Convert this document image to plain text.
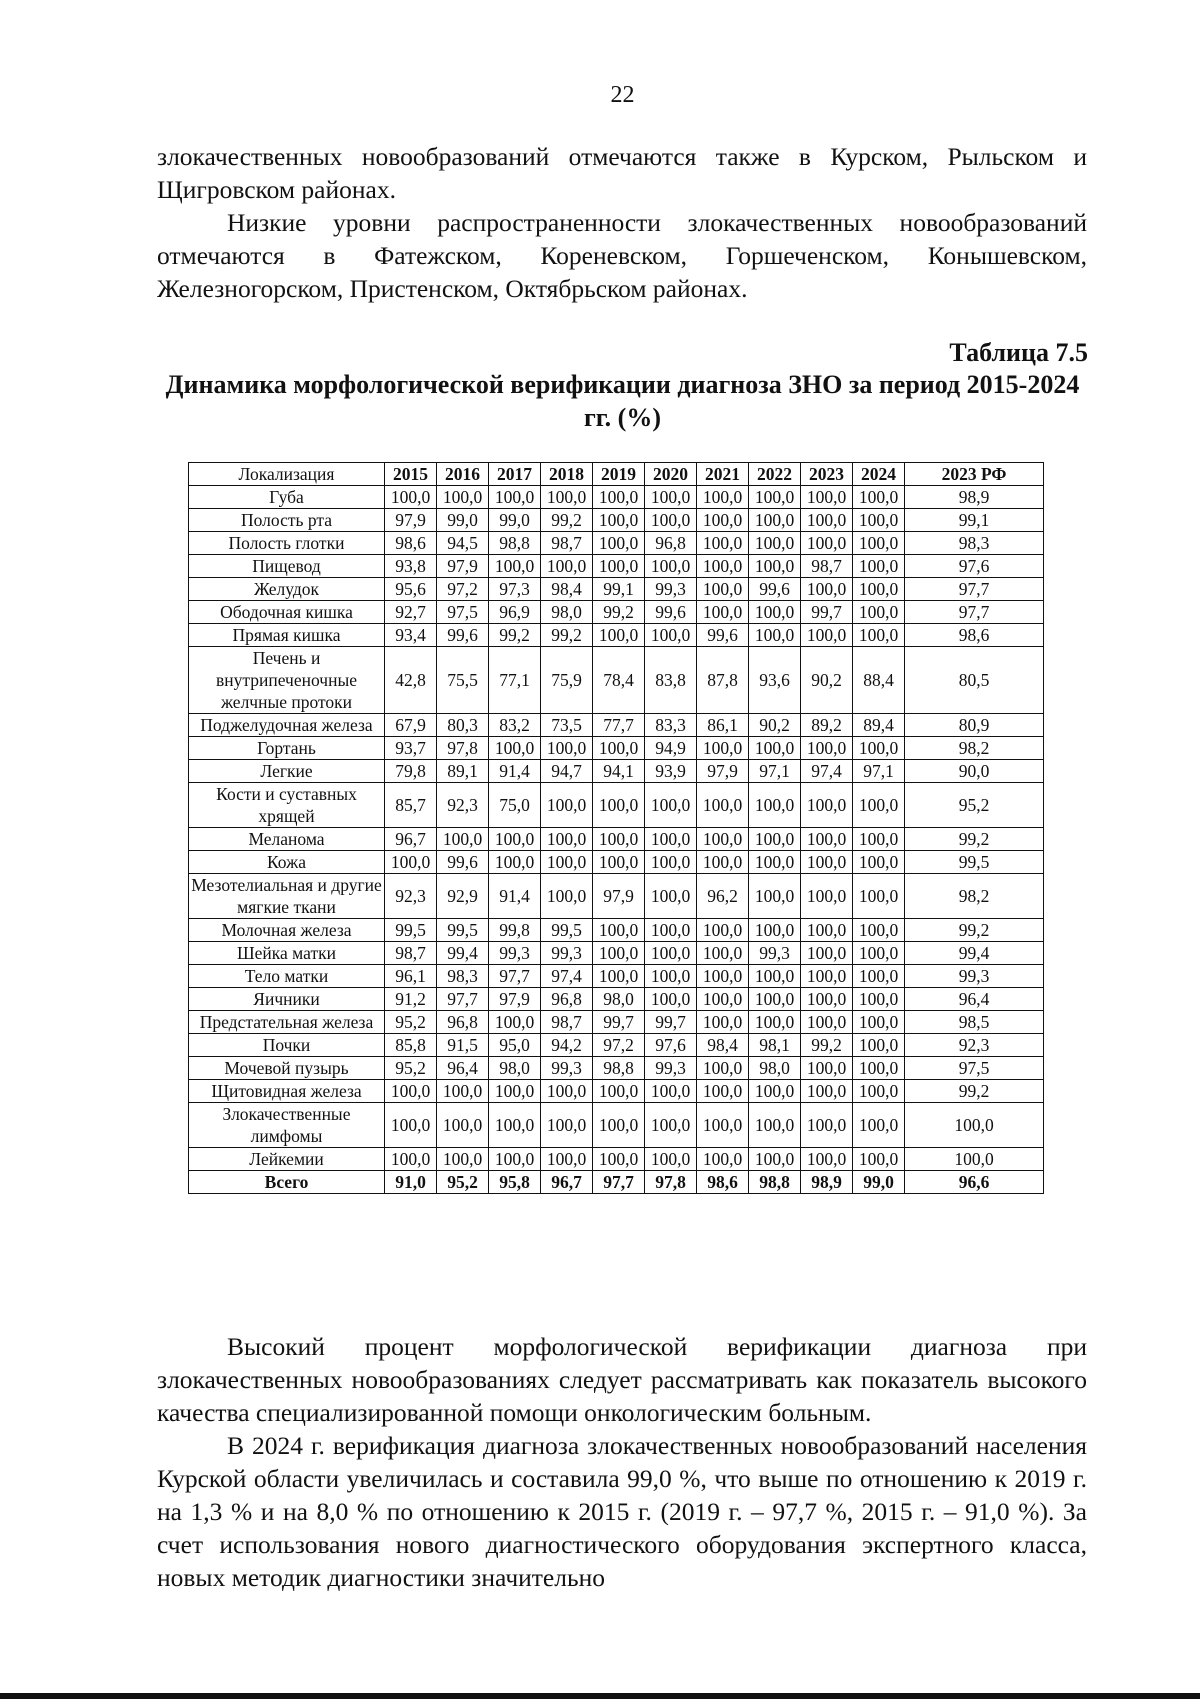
22

злокачественных новообразований отмечаются также в Курском, Рыльском и Щигровском районах.

Низкие уровни распространенности злокачественных новообразований отмечаются в Фатежском, Кореневском, Горшеченском, Конышевском, Железногорском, Пристенском, Октябрьском районах.

Таблица 7.5
Динамика морфологической верификации диагноза ЗНО за период 2015-2024 гг. (%)
Локализация	2015	2016	2017	2018	2019	2020	2021	2022	2023	2024	2023 РФ
Губа	100,0	100,0	100,0	100,0	100,0	100,0	100,0	100,0	100,0	100,0	98,9
Полость рта	97,9	99,0	99,0	99,2	100,0	100,0	100,0	100,0	100,0	100,0	99,1
Полость глотки	98,6	94,5	98,8	98,7	100,0	96,8	100,0	100,0	100,0	100,0	98,3
Пищевод	93,8	97,9	100,0	100,0	100,0	100,0	100,0	100,0	98,7	100,0	97,6
Желудок	95,6	97,2	97,3	98,4	99,1	99,3	100,0	99,6	100,0	100,0	97,7
Ободочная кишка	92,7	97,5	96,9	98,0	99,2	99,6	100,0	100,0	99,7	100,0	97,7
Прямая кишка	93,4	99,6	99,2	99,2	100,0	100,0	99,6	100,0	100,0	100,0	98,6
Печень и внутрипеченочные желчные протоки	42,8	75,5	77,1	75,9	78,4	83,8	87,8	93,6	90,2	88,4	80,5
Поджелудочная железа	67,9	80,3	83,2	73,5	77,7	83,3	86,1	90,2	89,2	89,4	80,9
Гортань	93,7	97,8	100,0	100,0	100,0	94,9	100,0	100,0	100,0	100,0	98,2
Легкие	79,8	89,1	91,4	94,7	94,1	93,9	97,9	97,1	97,4	97,1	90,0
Кости и суставных хрящей	85,7	92,3	75,0	100,0	100,0	100,0	100,0	100,0	100,0	100,0	95,2
Меланома	96,7	100,0	100,0	100,0	100,0	100,0	100,0	100,0	100,0	100,0	99,2
Кожа	100,0	99,6	100,0	100,0	100,0	100,0	100,0	100,0	100,0	100,0	99,5
Мезотелиальная и другие мягкие ткани	92,3	92,9	91,4	100,0	97,9	100,0	96,2	100,0	100,0	100,0	98,2
Молочная железа	99,5	99,5	99,8	99,5	100,0	100,0	100,0	100,0	100,0	100,0	99,2
Шейка матки	98,7	99,4	99,3	99,3	100,0	100,0	100,0	99,3	100,0	100,0	99,4
Тело матки	96,1	98,3	97,7	97,4	100,0	100,0	100,0	100,0	100,0	100,0	99,3
Яичники	91,2	97,7	97,9	96,8	98,0	100,0	100,0	100,0	100,0	100,0	96,4
Предстательная железа	95,2	96,8	100,0	98,7	99,7	99,7	100,0	100,0	100,0	100,0	98,5
Почки	85,8	91,5	95,0	94,2	97,2	97,6	98,4	98,1	99,2	100,0	92,3
Мочевой пузырь	95,2	96,4	98,0	99,3	98,8	99,3	100,0	98,0	100,0	100,0	97,5
Щитовидная железа	100,0	100,0	100,0	100,0	100,0	100,0	100,0	100,0	100,0	100,0	99,2
Злокачественные лимфомы	100,0	100,0	100,0	100,0	100,0	100,0	100,0	100,0	100,0	100,0	100,0
Лейкемии	100,0	100,0	100,0	100,0	100,0	100,0	100,0	100,0	100,0	100,0	100,0
Всего	91,0	95,2	95,8	96,7	97,7	97,8	98,6	98,8	98,9	99,0	96,6

Высокий процент морфологической верификации диагноза при злокачественных новообразованиях следует рассматривать как показатель высокого качества специализированной помощи онкологическим больным.

В 2024 г. верификация диагноза злокачественных новообразований населения Курской области увеличилась и составила 99,0 %, что выше по отношению к 2019 г. на 1,3 % и на 8,0 % по отношению к 2015 г. (2019 г. – 97,7 %, 2015 г. – 91,0 %). За счет использования нового диагностического оборудования экспертного класса, новых методик диагностики значительно
